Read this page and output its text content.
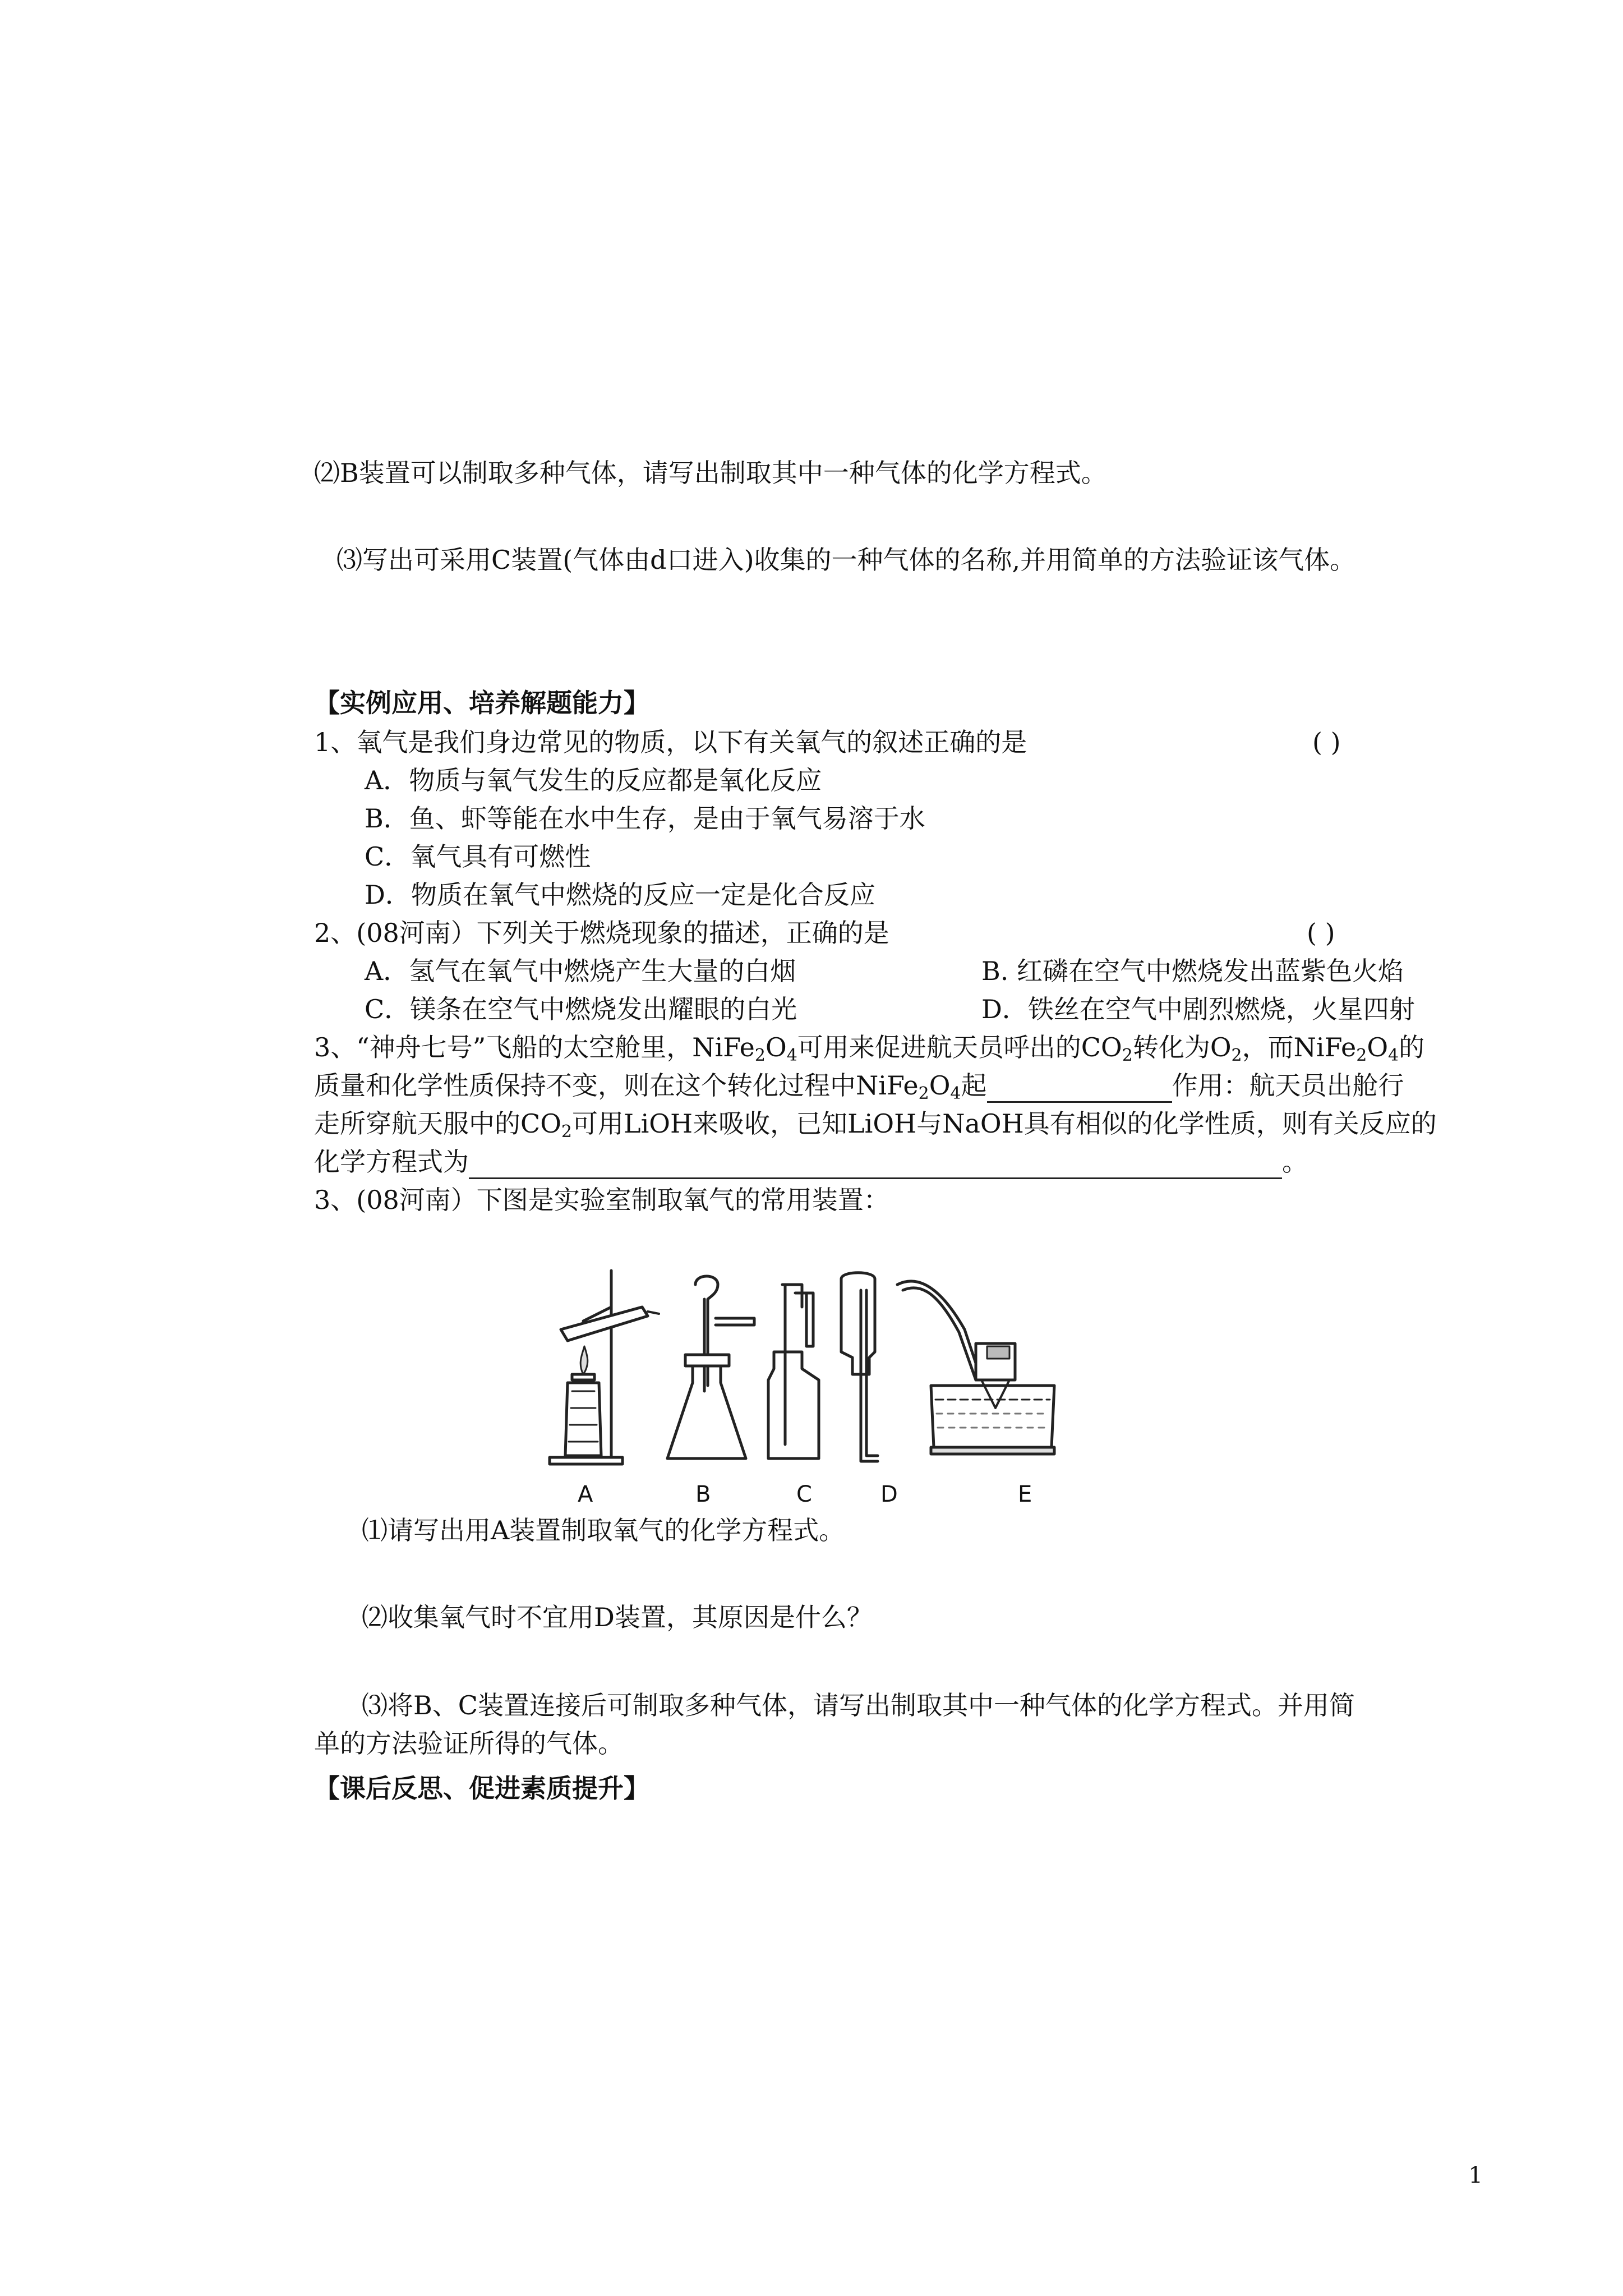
⑵B装置可以制取多种气体，请写出制取其中一种气体的化学方程式。
⑶写出可采用C装置(气体由d口进入)收集的一种气体的名称,并用简单的方法验证该气体。
【实例应用、培养解题能力】
1、氧气是我们身边常见的物质，以下有关氧气的叙述正确的是	( )
A．物质与氧气发生的反应都是氧化反应
B．鱼、虾等能在水中生存，是由于氧气易溶于水
C．氧气具有可燃性
D．物质在氧气中燃烧的反应一定是化合反应
2、(08河南）下列关于燃烧现象的描述，正确的是	( )
A．氢气在氧气中燃烧产生大量的白烟	B. 红磷在空气中燃烧发出蓝紫色火焰
C．镁条在空气中燃烧发出耀眼的白光	D．铁丝在空气中剧烈燃烧，火星四射
3、“神舟七号”飞船的太空舱里，$NiFe_2O_4$可用来促进航天员呼出的$CO_2$转化为$O_2$，而$NiFe_2O_4$的
质量和化学性质保持不变，则在这个转化过程中$NiFe_2O_4$起	作用：航天员出舱行
走所穿航天服中的$CO_2$可用LiOH来吸收，已知LiOH与NaOH具有相似的化学性质，则有关反应的
化学方程式为	。
3、(08河南）下图是实验室制取氧气的常用装置：
A	B	C	D	E
⑴请写出用A装置制取氧气的化学方程式。
⑵收集氧气时不宜用D装置，其原因是什么？
⑶将B、C装置连接后可制取多种气体，请写出制取其中一种气体的化学方程式。并用简
单的方法验证所得的气体。
【课后反思、促进素质提升】
1
